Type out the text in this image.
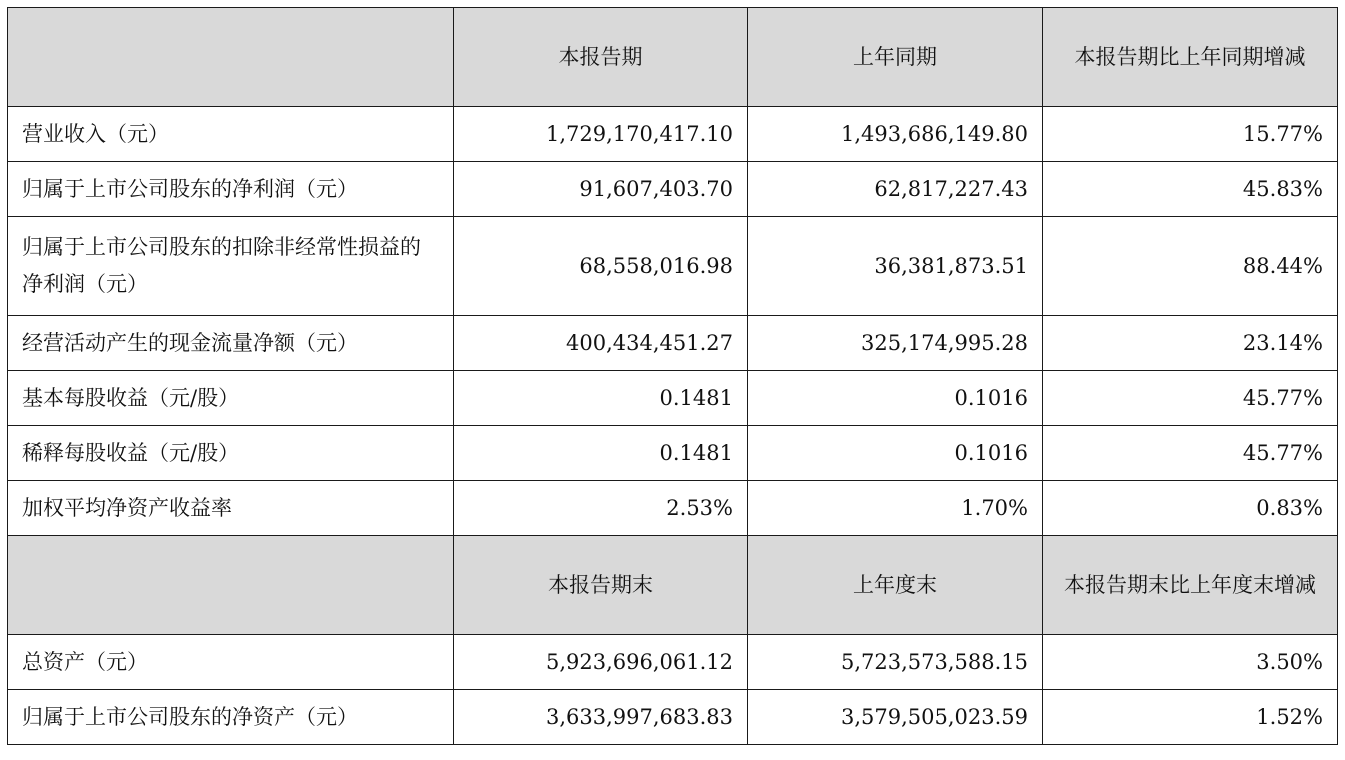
	本报告期	上年同期	本报告期比上年同期增减
营业收入（元）	1,729,170,417.10	1,493,686,149.80	15.77%
归属于上市公司股东的净利润（元）	91,607,403.70	62,817,227.43	45.83%
归属于上市公司股东的扣除非经常性损益的净利润（元）	68,558,016.98	36,381,873.51	88.44%
经营活动产生的现金流量净额（元）	400,434,451.27	325,174,995.28	23.14%
基本每股收益（元/股）	0.1481	0.1016	45.77%
稀释每股收益（元/股）	0.1481	0.1016	45.77%
加权平均净资产收益率	2.53%	1.70%	0.83%
	本报告期末	上年度末	本报告期末比上年度末增减
总资产（元）	5,923,696,061.12	5,723,573,588.15	3.50%
归属于上市公司股东的净资产（元）	3,633,997,683.83	3,579,505,023.59	1.52%
